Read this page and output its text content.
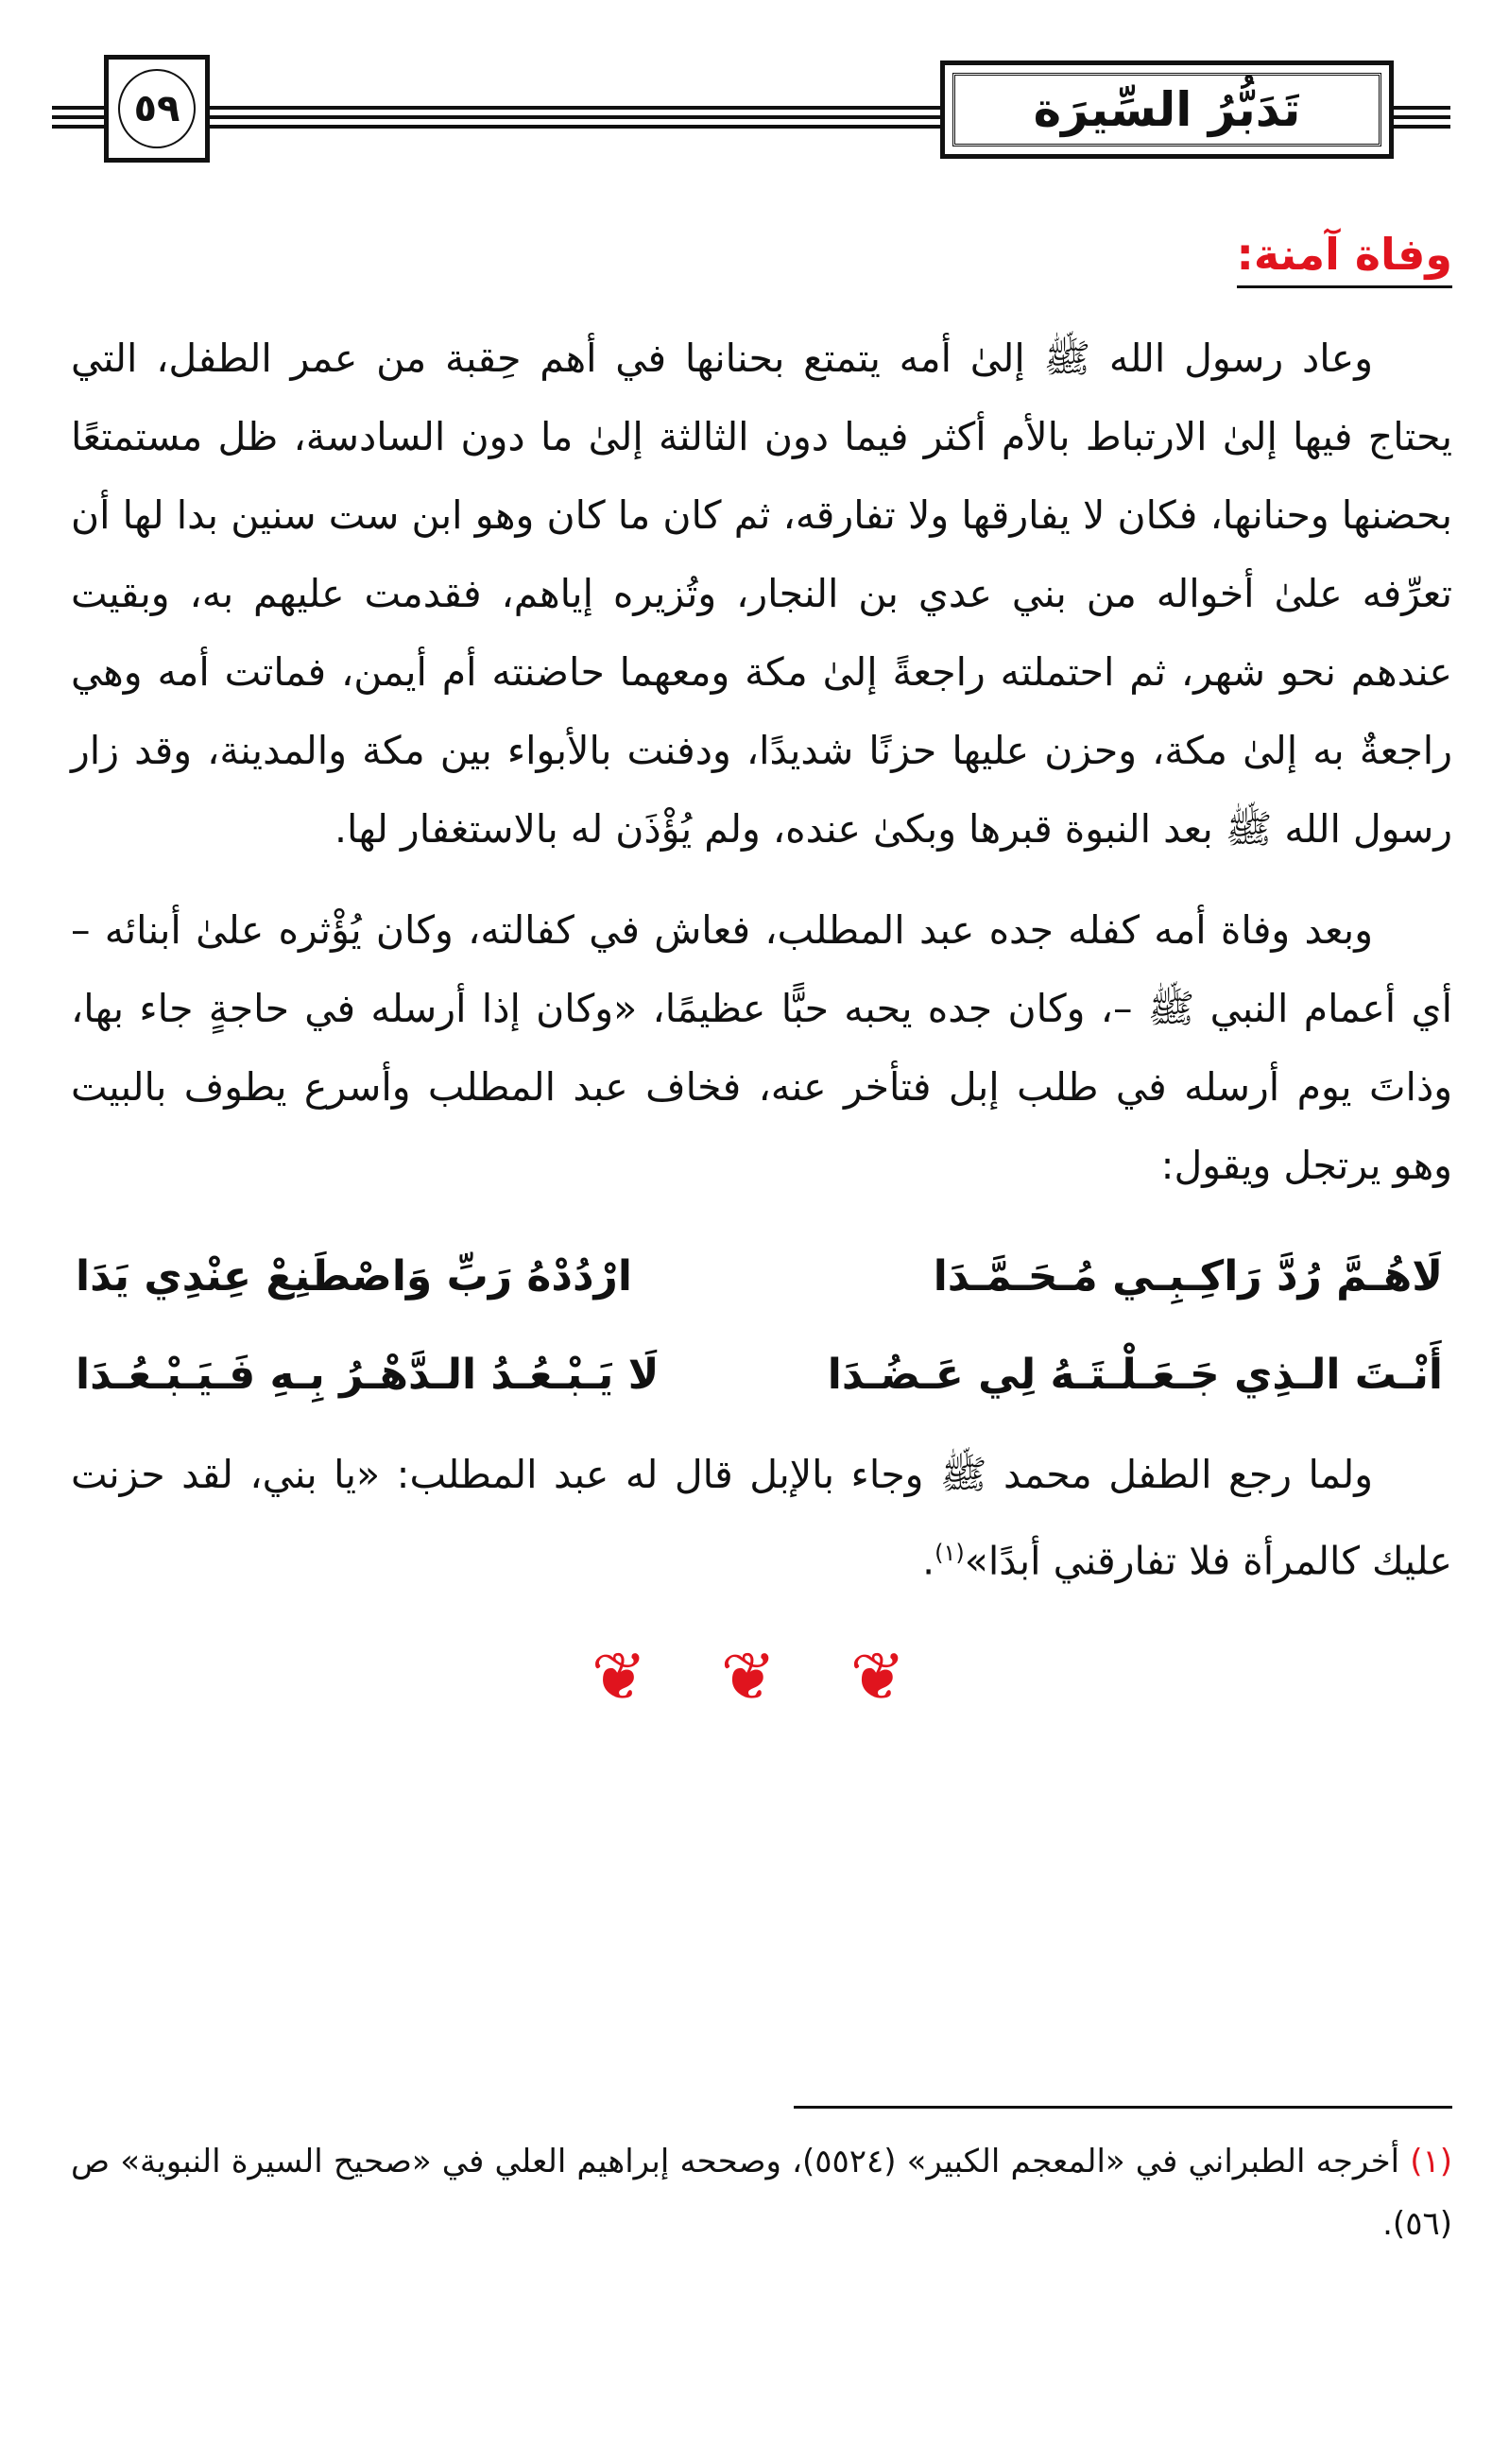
٥٩	تَدَبُّرُ السِّيرَة
وفاة آمنة:

وعاد رسول الله ﷺ إلىٰ أمه يتمتع بحنانها في أهم حِقبة من عمر الطفل، التي يحتاج فيها إلىٰ الارتباط بالأم أكثر فيما دون الثالثة إلىٰ ما دون السادسة، ظل مستمتعًا بحضنها وحنانها، فكان لا يفارقها ولا تفارقه، ثم كان ما كان وهو ابن ست سنين بدا لها أن تعرِّفه علىٰ أخواله من بني عدي بن النجار، وتُزيره إياهم، فقدمت عليهم به، وبقيت عندهم نحو شهر، ثم احتملته راجعةً إلىٰ مكة ومعهما حاضنته أم أيمن، فماتت أمه وهي راجعةٌ به إلىٰ مكة، وحزن عليها حزنًا شديدًا، ودفنت بالأبواء بين مكة والمدينة، وقد زار رسول الله ﷺ بعد النبوة قبرها وبكىٰ عنده، ولم يُؤْذَن له بالاستغفار لها.

وبعد وفاة أمه كفله جده عبد المطلب، فعاش في كفالته، وكان يُؤْثره علىٰ أبنائه – أي أعمام النبي ﷺ –، وكان جده يحبه حبًّا عظيمًا، «وكان إذا أرسله في حاجةٍ جاء بها، وذاتَ يوم أرسله في طلب إبل فتأخر عنه، فخاف عبد المطلب وأسرع يطوف بالبيت وهو يرتجل ويقول:

لَاهُـمَّ رُدَّ رَاكِـبِـي مُـحَـمَّـدَا
ارْدُدْهُ رَبِّ وَاصْطَنِعْ عِنْدِي يَدَا
أَنْـتَ الـذِي جَـعَـلْـتَـهُ لِي عَـضُـدَا
لَا يَـبْـعُـدُ الـدَّهْـرُ بِـهِ فَـيَـبْـعُـدَا

ولما رجع الطفل محمد ﷺ وجاء بالإبل قال له عبد المطلب: «يا بني، لقد حزنت عليك كالمرأة فلا تفارقني أبدًا»$^{(١)}$.

❦ ❦ ❦
(١) أخرجه الطبراني في «المعجم الكبير» (٥٥٢٤)، وصححه إبراهيم العلي في «صحيح السيرة النبوية» ص (٥٦).
